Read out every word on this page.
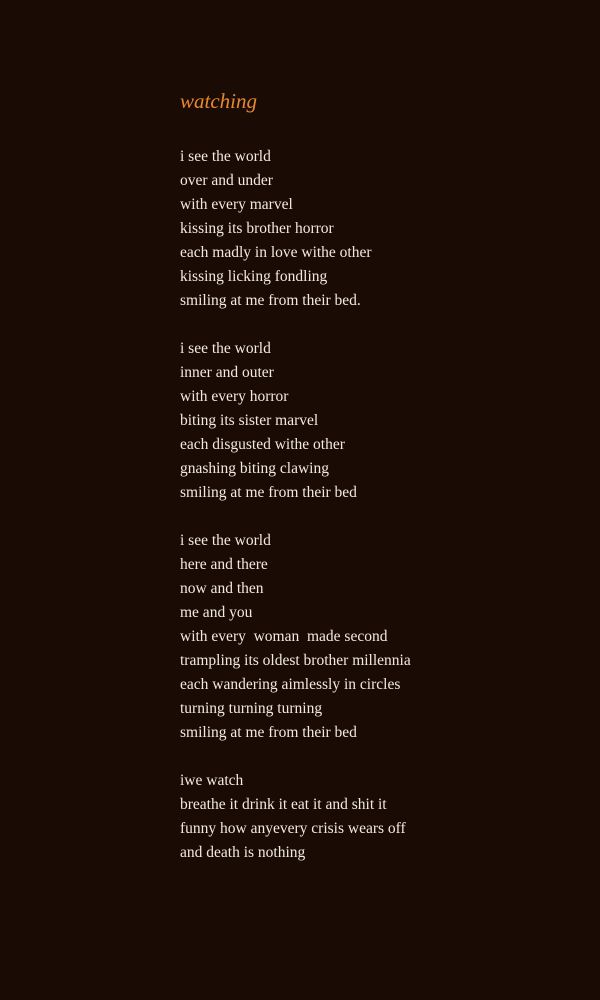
watching
i see the world
over and under
with every marvel
kissing its brother horror
each madly in love withe other
kissing licking fondling
smiling at me from their bed.
i see the world
inner and outer
with every horror
biting its sister marvel
each disgusted withe other
gnashing biting clawing
smiling at me from their bed
i see the world
here and there
now and then
me and you
with every  woman  made second
trampling its oldest brother millennia
each wandering aimlessly in circles
turning turning turning
smiling at me from their bed
iwe watch
breathe it drink it eat it and shit it
funny how anyevery crisis wears off
and death is nothing
